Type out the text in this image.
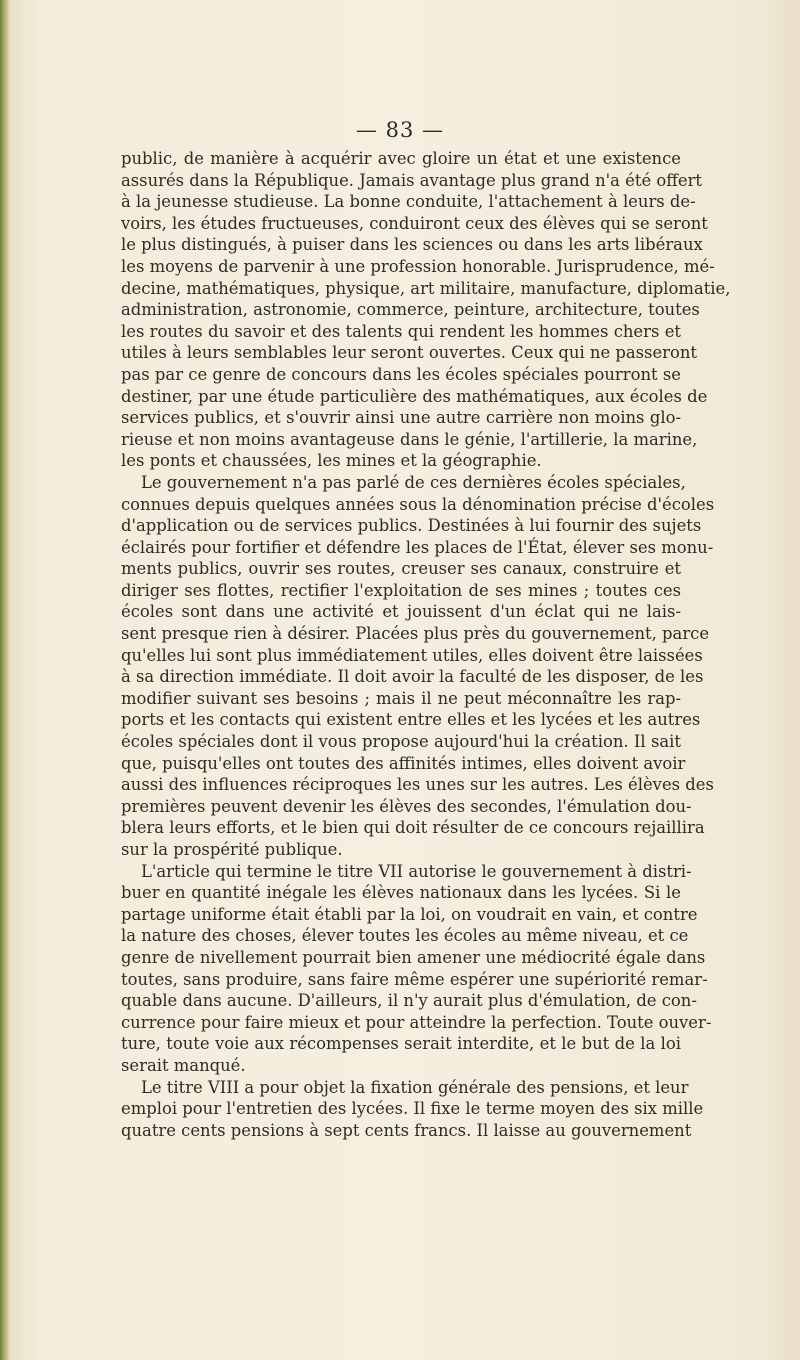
— 83 —
public, de manière à acquérir avec gloire un état et une existence
assurés dans la République. Jamais avantage plus grand n'a été offert
à la jeunesse studieuse. La bonne conduite, l'attachement à leurs de-
voirs, les études fructueuses, conduiront ceux des élèves qui se seront
le plus distingués, à puiser dans les sciences ou dans les arts libéraux
les moyens de parvenir à une profession honorable. Jurisprudence, mé-
decine, mathématiques, physique, art militaire, manufacture, diplomatie,
administration, astronomie, commerce, peinture, architecture, toutes
les routes du savoir et des talents qui rendent les hommes chers et
utiles à leurs semblables leur seront ouvertes. Ceux qui ne passeront
pas par ce genre de concours dans les écoles spéciales pourront se
destiner, par une étude particulière des mathématiques, aux écoles de
services publics, et s'ouvrir ainsi une autre carrière non moins glo-
rieuse et non moins avantageuse dans le génie, l'artillerie, la marine,
les ponts et chaussées, les mines et la géographie.
Le gouvernement n'a pas parlé de ces dernières écoles spéciales,
connues depuis quelques années sous la dénomination précise d'écoles
d'application ou de services publics. Destinées à lui fournir des sujets
éclairés pour fortifier et défendre les places de l'État, élever ses monu-
ments publics, ouvrir ses routes, creuser ses canaux, construire et
diriger ses flottes, rectifier l'exploitation de ses mines ; toutes ces
écoles sont dans une activité et jouissent d'un éclat qui ne lais-
sent presque rien à désirer. Placées plus près du gouvernement, parce
qu'elles lui sont plus immédiatement utiles, elles doivent être laissées
à sa direction immédiate. Il doit avoir la faculté de les disposer, de les
modifier suivant ses besoins ; mais il ne peut méconnaître les rap-
ports et les contacts qui existent entre elles et les lycées et les autres
écoles spéciales dont il vous propose aujourd'hui la création. Il sait
que, puisqu'elles ont toutes des affinités intimes, elles doivent avoir
aussi des influences réciproques les unes sur les autres. Les élèves des
premières peuvent devenir les élèves des secondes, l'émulation dou-
blera leurs efforts, et le bien qui doit résulter de ce concours rejaillira
sur la prospérité publique.
L'article qui termine le titre VII autorise le gouvernement à distri-
buer en quantité inégale les élèves nationaux dans les lycées. Si le
partage uniforme était établi par la loi, on voudrait en vain, et contre
la nature des choses, élever toutes les écoles au même niveau, et ce
genre de nivellement pourrait bien amener une médiocrité égale dans
toutes, sans produire, sans faire même espérer une supériorité remar-
quable dans aucune. D'ailleurs, il n'y aurait plus d'émulation, de con-
currence pour faire mieux et pour atteindre la perfection. Toute ouver-
ture, toute voie aux récompenses serait interdite, et le but de la loi
serait manqué.
Le titre VIII a pour objet la fixation générale des pensions, et leur
emploi pour l'entretien des lycées. Il fixe le terme moyen des six mille
quatre cents pensions à sept cents francs. Il laisse au gouvernement
